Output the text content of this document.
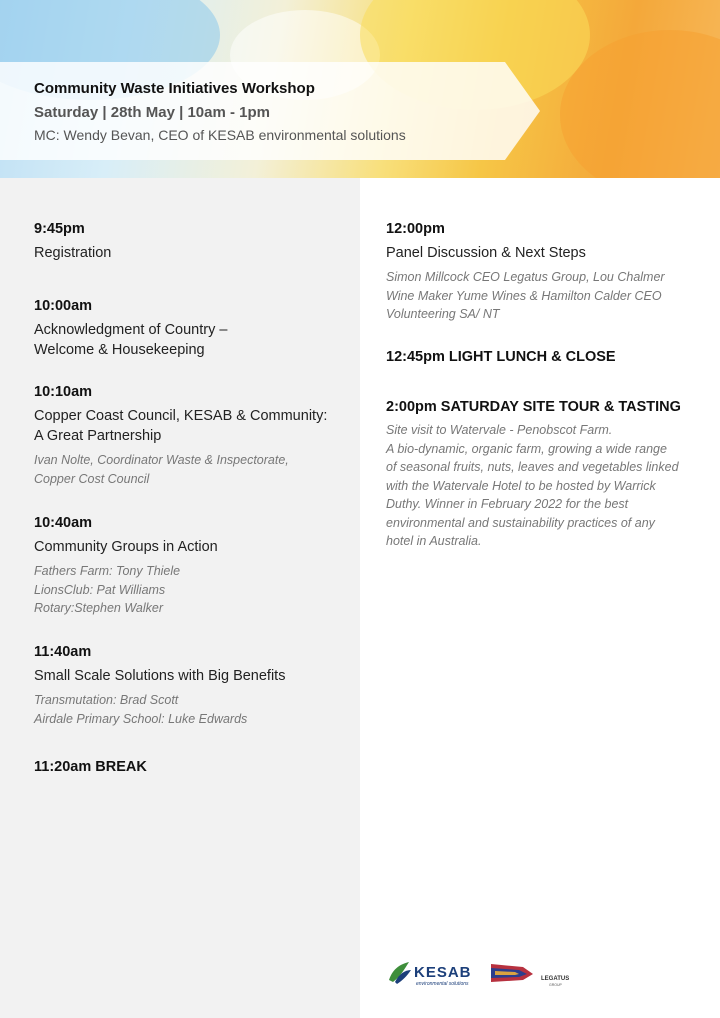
Community Waste Initiatives Workshop
Saturday | 28th May | 10am - 1pm
MC: Wendy Bevan, CEO of KESAB environmental solutions
9:45pm
Registration
10:00am
Acknowledgment of Country –
Welcome & Housekeeping
10:10am
Copper Coast Council, KESAB & Community:
A Great Partnership
Ivan Nolte, Coordinator Waste & Inspectorate,
Copper Cost Council
10:40am
Community Groups in Action
Fathers Farm: Tony Thiele
LionsClub: Pat Williams
Rotary:Stephen Walker
11:40am
Small Scale Solutions with Big Benefits
Transmutation: Brad Scott
Airdale Primary School: Luke Edwards
11:20am BREAK
12:00pm
Panel Discussion & Next Steps
Simon Millcock CEO Legatus Group, Lou Chalmer
Wine Maker Yume Wines & Hamilton Calder CEO
Volunteering SA/ NT
12:45pm LIGHT LUNCH & CLOSE
2:00pm SATURDAY SITE TOUR & TASTING
Site visit to Watervale - Penobscot Farm.
A bio-dynamic, organic farm, growing a wide range
of seasonal fruits, nuts, leaves and vegetables linked
with the Watervale Hotel to be hosted by Warrick
Duthy. Winner in February 2022 for the best
environmental and sustainability practices of any
hotel in Australia.
KESAB
environmental solutions
LEGATUS
GROUP
